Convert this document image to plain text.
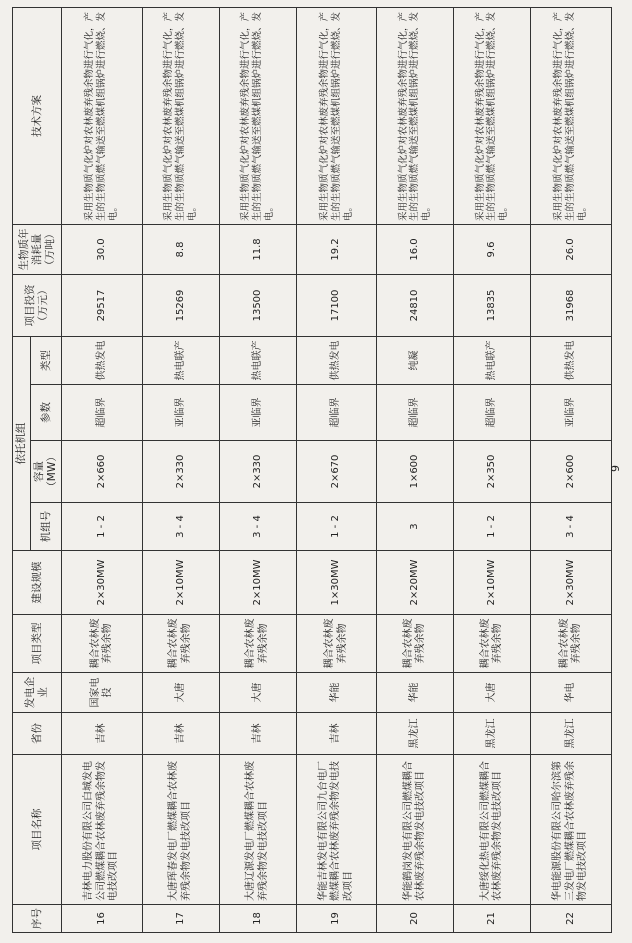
序号	项目名称	省份	发电企业	项目类型	建设规模	依托机组				项目投资（万元）	生物质年消耗量（万吨）	技术方案
						机组号	容量（MW）	参数	类型			
16	吉林电力股份有限公司白城发电公司燃煤耦合农林废弃残余物发电技改项目	吉林	国家电投	耦合农林废弃残余物	2×30MW	1 - 2	2×660	超临界	供热发电	29517	30.0	采用生物质气化炉对农林废弃残余物进行气化，产生的生物质燃气输送至燃煤机组锅炉进行燃烧、发电。
17	大唐珲春发电厂燃煤耦合农林废弃残余物发电技改项目	吉林	大唐	耦合农林废弃残余物	2×10MW	3 - 4	2×330	亚临界	热电联产	15269	8.8	采用生物质气化炉对农林废弃残余物进行气化，产生的生物质燃气输送至燃煤机组锅炉进行燃烧、发电。
18	大唐辽源发电厂燃煤耦合农林废弃残余物发电技改项目	吉林	大唐	耦合农林废弃残余物	2×10MW	3 - 4	2×330	亚临界	热电联产	13500	11.8	采用生物质气化炉对农林废弃残余物进行气化，产生的生物质燃气输送至燃煤机组锅炉进行燃烧、发电。
19	华能吉林发电有限公司九台电厂燃煤耦合农林废弃残余物发电技改项目	吉林	华能	耦合农林废弃残余物	1×30MW	1 - 2	2×670	超临界	供热发电	17100	19.2	采用生物质气化炉对农林废弃残余物进行气化，产生的生物质燃气输送至燃煤机组锅炉进行燃烧、发电。
20	华能鹤岗发电有限公司燃煤耦合农林废弃残余物发电技改项目	黑龙江	华能	耦合农林废弃残余物	2×20MW	3	1×600	超临界	纯凝	24810	16.0	采用生物质气化炉对农林废弃残余物进行气化，产生的生物质燃气输送至燃煤机组锅炉进行燃烧、发电。
21	大唐绥化热电有限公司燃煤耦合农林废弃残余物发电技改项目	黑龙江	大唐	耦合农林废弃残余物	2×10MW	1 - 2	2×350	超临界	热电联产	13835	9.6	采用生物质气化炉对农林废弃残余物进行气化，产生的生物质燃气输送至燃煤机组锅炉进行燃烧、发电。
22	华电能源股份有限公司哈尔滨第三发电厂燃煤耦合农林废弃残余物发电技改项目	黑龙江	华电	耦合农林废弃残余物	2×30MW	3 - 4	2×600	亚临界	供热发电	31968	26.0	采用生物质气化炉对农林废弃残余物进行气化，产生的生物质燃气输送至燃煤机组锅炉进行燃烧、发电。
9
